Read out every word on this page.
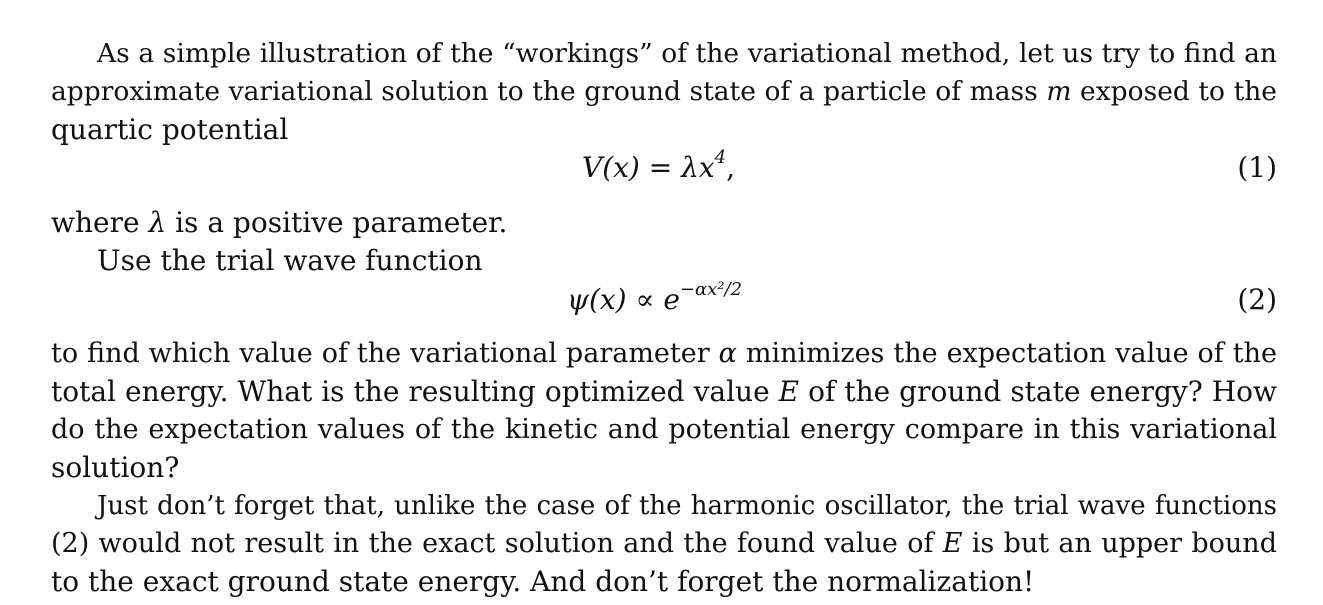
As a simple illustration of the “workings” of the variational method, let us try to find an
approximate variational solution to the ground state of a particle of mass m exposed to the
quartic potential
$V(x) = \lambda x^4$,	(1)
where λ is a positive parameter.
Use the trial wave function
$\psi(x) \propto e^{-\alpha x^2/2}$	(2)
to find which value of the variational parameter α minimizes the expectation value of the
total energy. What is the resulting optimized value E of the ground state energy? How
do the expectation values of the kinetic and potential energy compare in this variational
solution?
Just don’t forget that, unlike the case of the harmonic oscillator, the trial wave functions
(2) would not result in the exact solution and the found value of E is but an upper bound
to the exact ground state energy. And don’t forget the normalization!
